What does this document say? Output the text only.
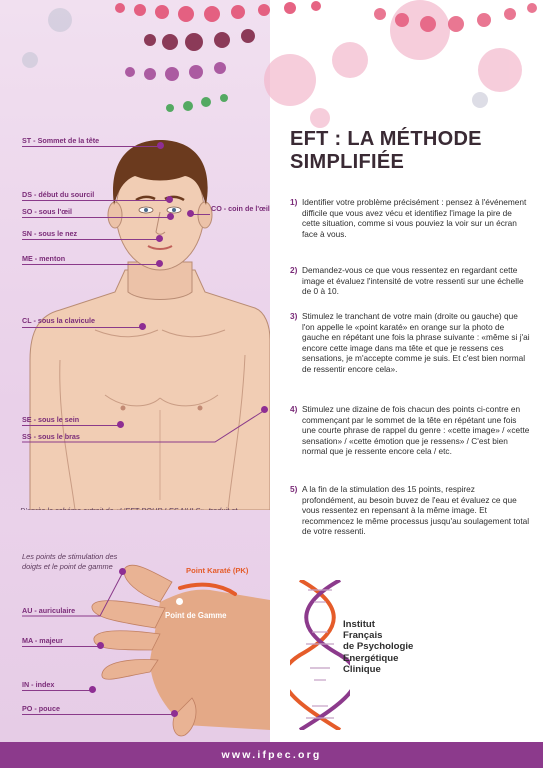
ST - Sommet de la tête
DS - début du sourcil
SO - sous l'œil
SN - sous le nez
ME - menton
CO - coin de l'œil
CL - sous la clavicule
SE - sous le sein
SS - sous le bras
Point Karaté (PK)
Point de Gamme
Les points de stimulation des doigts et le point de gamme
AU - auriculaire
MA - majeur
IN - index
PO - pouce
EFT : LA MÉTHODE SIMPLIFIÉE
1) Identifier votre problème précisément : pensez à l'événement difficile que vous avez vécu et identifiez l'image la pire de cette situation, comme si vous pouviez la voir sur un écran face à vous.
2) Demandez-vous ce que vous ressentez en regardant cette image et évaluez l'intensité de votre ressenti sur une échelle de 0 à 10.
3) Stimulez le tranchant de votre main (droite ou gauche) que l'on appelle le «point karaté» en orange sur la photo de gauche en répétant une fois la phrase suivante : «même si j'ai encore cette image dans ma tête et que je ressens ces sensations, je m'accepte comme je suis. Et c'est bien normal de ressentir encore cela».
4) Stimulez une dizaine de fois chacun des points ci-contre en commençant par le sommet de la tête en répétant une fois une courte phrase de rappel du genre : «cette image» / «cette sensation» / «cette émotion que je ressens» / C'est bien normal que je ressente encore cela / etc.
5) A la fin de la stimulation des 15 points, respirez profondément, au besoin buvez de l'eau et évaluez ce que vous ressentez en repensant à la même image. Et recommencez le même processus jusqu'au soulagement total de votre ressenti.
Institut
Français
de Psychologie
Energétique
Clinique
www.ifpec.org
